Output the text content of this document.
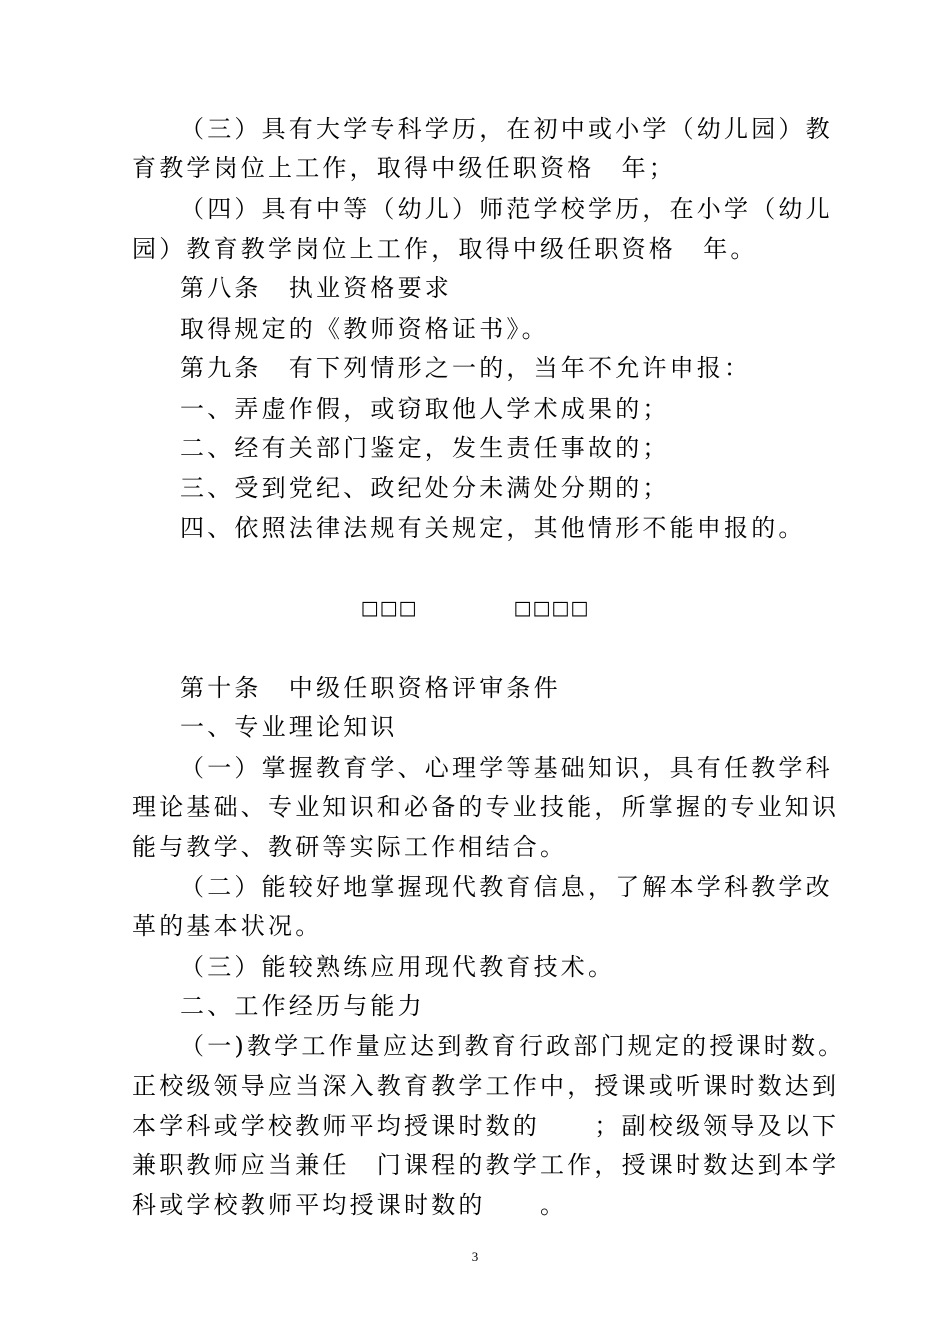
（三）具有大学专科学历，在初中或小学（幼儿园）教
育教学岗位上工作，取得中级任职资格　年；
（四）具有中等（幼儿）师范学校学历，在小学（幼儿
园）教育教学岗位上工作，取得中级任职资格　年。
第八条　执业资格要求
取得规定的《教师资格证书》。
第九条　有下列情形之一的，当年不允许申报：
一、弄虚作假，或窃取他人学术成果的；
二、经有关部门鉴定，发生责任事故的；
三、受到党纪、政纪处分未满处分期的；
四、依照法律法规有关规定，其他情形不能申报的。
□□□	□□□□
第十条　中级任职资格评审条件
一、专业理论知识
（一）掌握教育学、心理学等基础知识，具有任教学科
理论基础、专业知识和必备的专业技能，所掌握的专业知识
能与教学、教研等实际工作相结合。
（二）能较好地掌握现代教育信息，了解本学科教学改
革的基本状况。
（三）能较熟练应用现代教育技术。
二、工作经历与能力
（一)教学工作量应达到教育行政部门规定的授课时数。
正校级领导应当深入教育教学工作中，授课或听课时数达到
本学科或学校教师平均授课时数的　　；副校级领导及以下
兼职教师应当兼任　门课程的教学工作，授课时数达到本学
科或学校教师平均授课时数的　　。
3
